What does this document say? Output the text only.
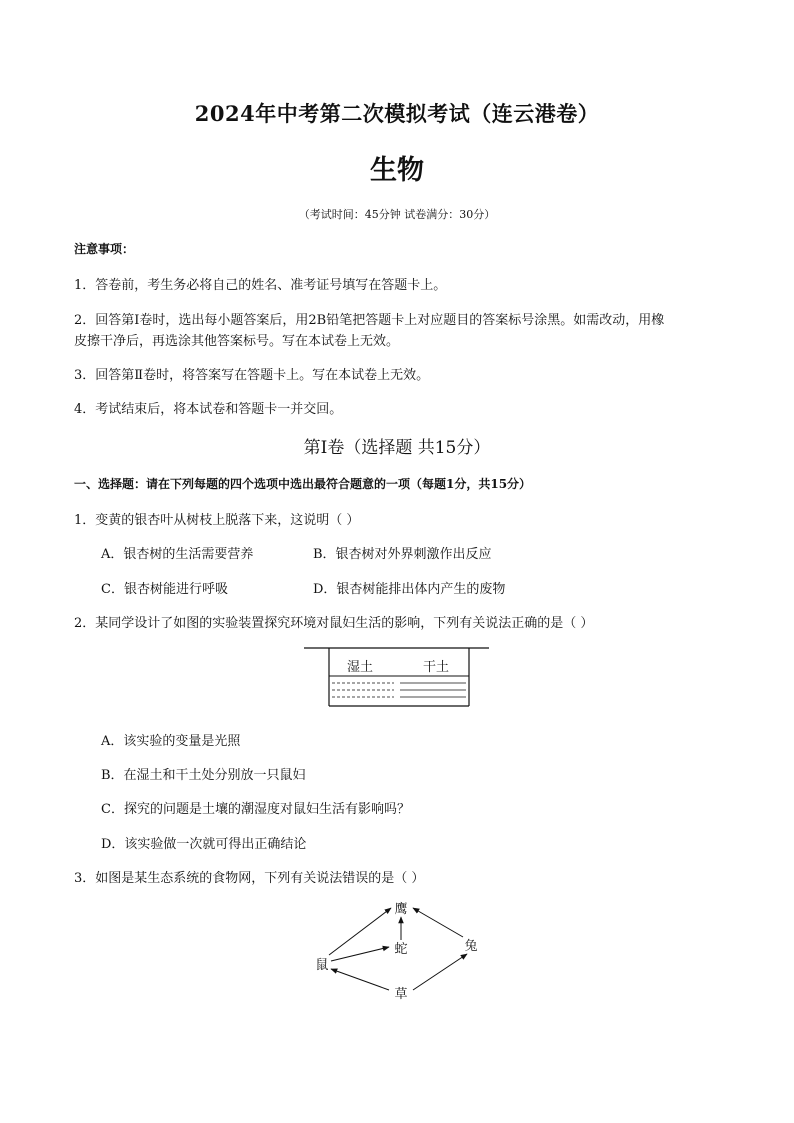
2024年中考第二次模拟考试（连云港卷）
生物
（考试时间：45分钟 试卷满分：30分）
注意事项：
1．答卷前，考生务必将自己的姓名、准考证号填写在答题卡上。
2．回答第Ⅰ卷时，选出每小题答案后，用2B铅笔把答题卡上对应题目的答案标号涂黑。如需改动，用橡
皮擦干净后，再选涂其他答案标号。写在本试卷上无效。
3．回答第Ⅱ卷时，将答案写在答题卡上。写在本试卷上无效。
4．考试结束后，将本试卷和答题卡一并交回。
第Ⅰ卷（选择题 共15分）
一、选择题：请在下列每题的四个选项中选出最符合题意的一项（每题1分，共15分）
1．变黄的银杏叶从树枝上脱落下来，这说明（ ）
A．银杏树的生活需要营养	B．银杏树对外界刺激作出反应
C．银杏树能进行呼吸	D．银杏树能排出体内产生的废物
2．某同学设计了如图的实验装置探究环境对鼠妇生活的影响，下列有关说法正确的是（ ）
湿土	干土
A．该实验的变量是光照
B．在湿土和干土处分别放一只鼠妇
C．探究的问题是土壤的潮湿度对鼠妇生活有影响吗？
D．该实验做一次就可得出正确结论
3．如图是某生态系统的食物网，下列有关说法错误的是（ ）
鹰
蛇	兔
鼠
草
